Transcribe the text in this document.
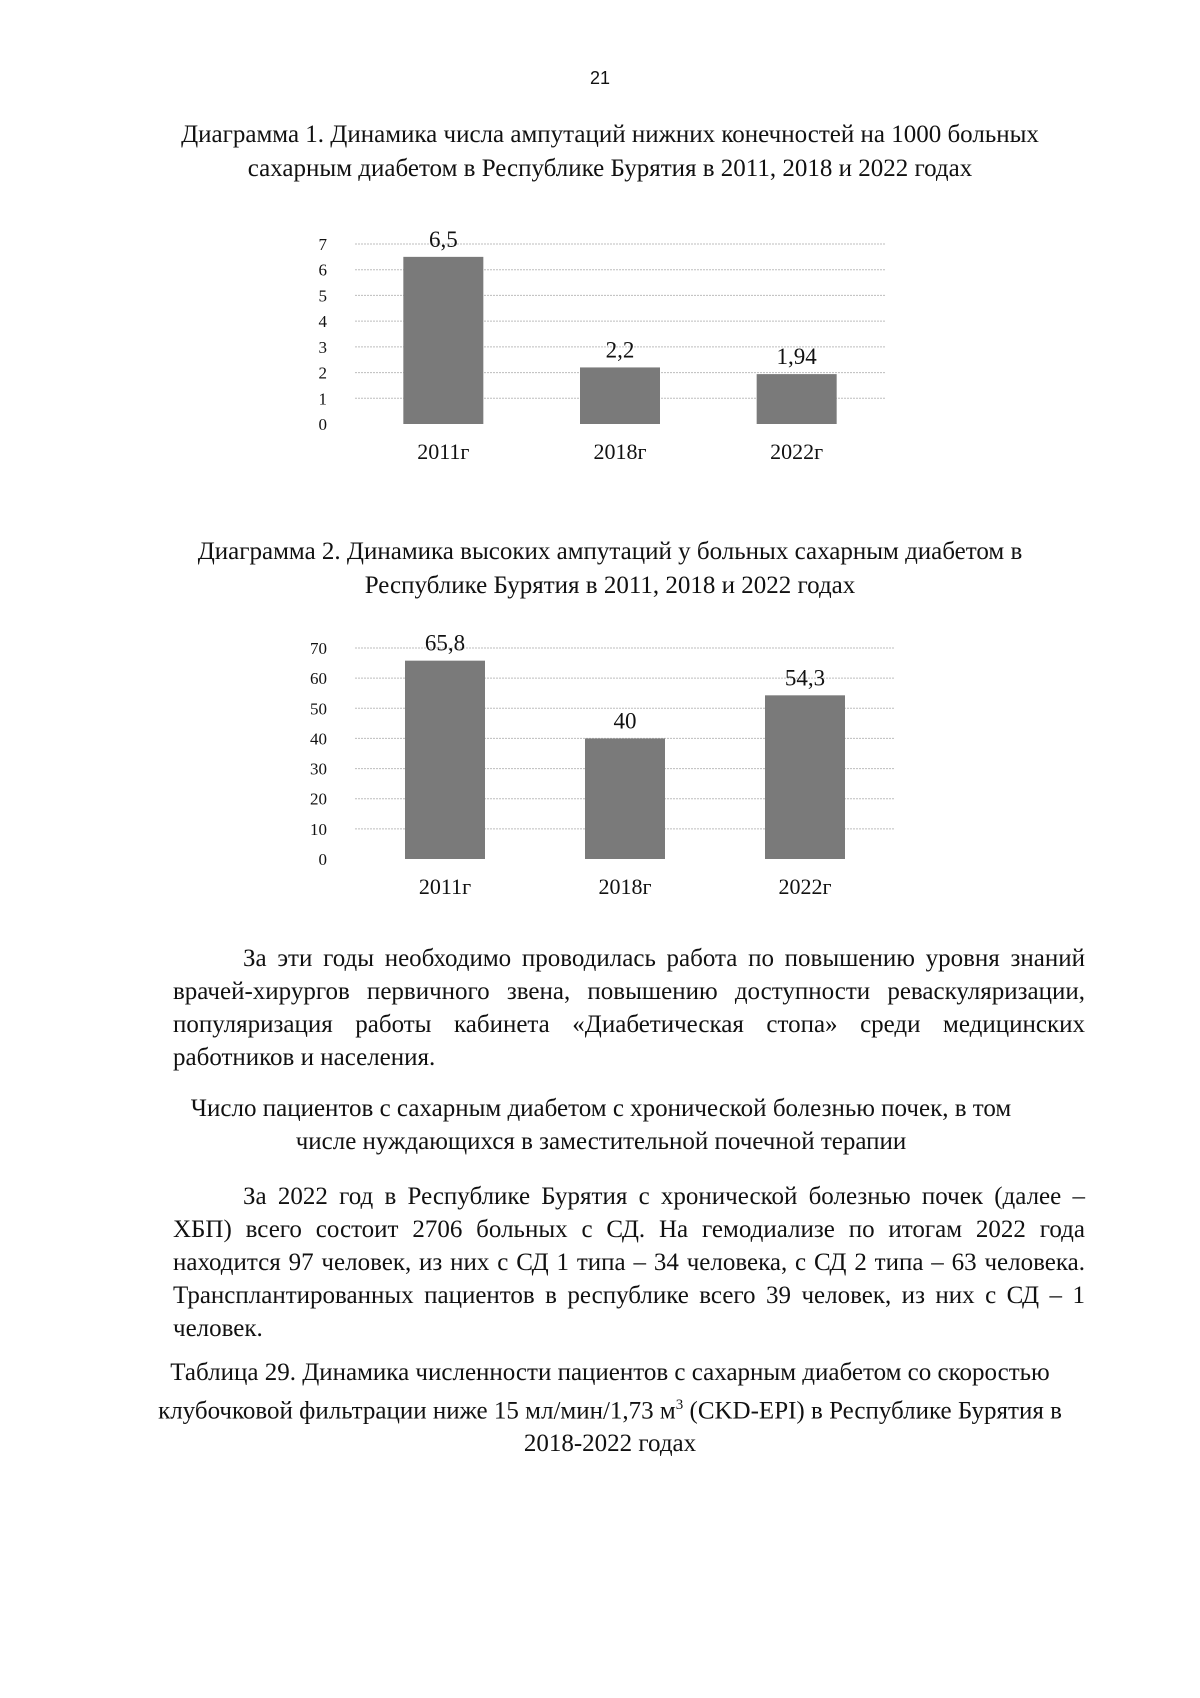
21
Диаграмма 1. Динамика числа ампутаций нижних конечностей на 1000 больных сахарным диабетом в Республике Бурятия в 2011, 2018 и 2022 годах
0
1
2
3
4
5
6
7	6,5
2011г
2,2
2018г
1,94
2022г
Диаграмма 2. Динамика высоких ампутаций у больных сахарным диабетом в Республике Бурятия в 2011, 2018 и 2022 годах
0
10
20
30
40
50
60
70	65,8
2011г
40
2018г
54,3
2022г

За эти годы необходимо проводилась работа по повышению уровня знаний врачей-хирургов первичного звена, повышению доступности реваскуляризации, популяризация работы кабинета «Диабетическая стопа» среди медицинских работников и населения.

Число пациентов с сахарным диабетом с хронической болезнью почек, в том числе нуждающихся в заместительной почечной терапии

За 2022 год в Республике Бурятия с хронической болезнью почек (далее – ХБП) всего состоит 2706 больных с СД. На гемодиализе по итогам 2022 года находится 97 человек, из них с СД 1 типа – 34 человека, с СД 2 типа – 63 человека. Трансплантированных пациентов в республике всего 39 человек, из них с СД – 1 человек.

Таблица 29. Динамика численности пациентов с сахарным диабетом со скоростью клубочковой фильтрации ниже 15 мл/мин/1,73 $м^3$ (CKD-EPI) в Республике Бурятия в 2018-2022 годах
